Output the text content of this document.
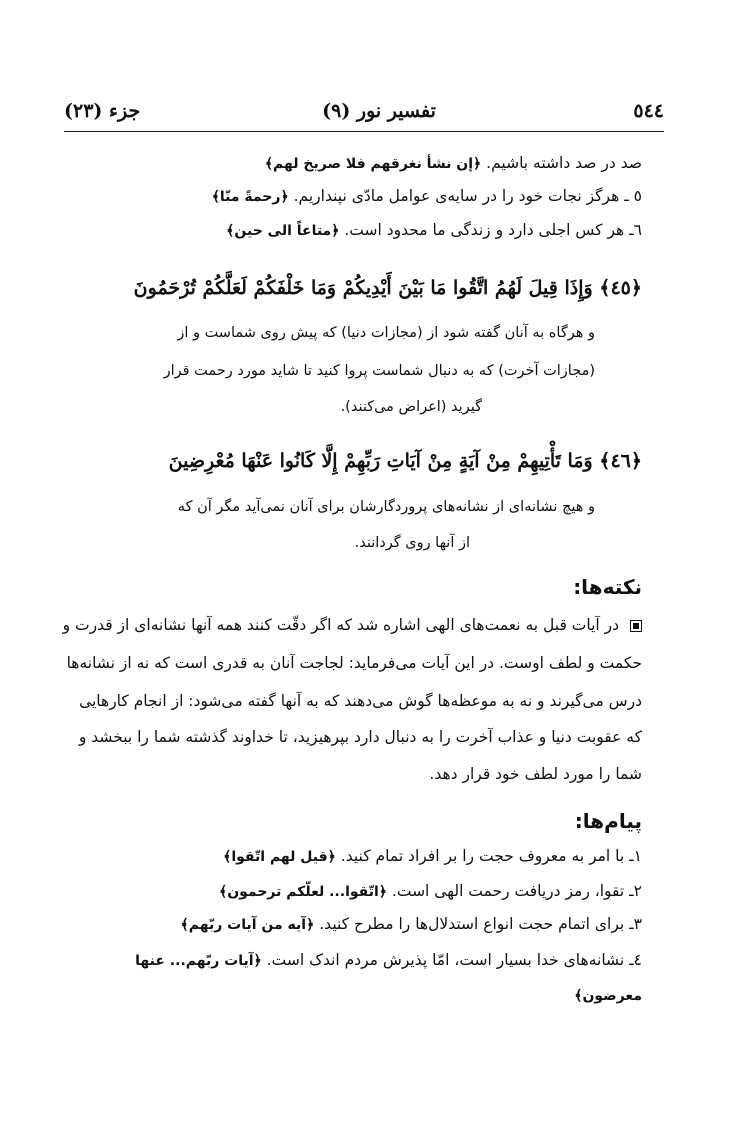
٥٤٤
تفسیر نور (٩)
جزء (٢٣)
صد در صد داشته باشیم. ﴿إن نشأ نغرقهم فلا صريخ لهم﴾
٥ ـ هرگز نجات خود را در سایه‌ی عوامل مادّی نپنداریم. ﴿رحمةً منّا﴾
٦ـ هر کس اجلی دارد و زندگی ما محدود است. ﴿متاعاً الی حین﴾
﴿٤٥﴾ وَإِذَا قِيلَ لَهُمُ اتَّقُوا مَا بَيْنَ أَيْدِيكُمْ وَمَا خَلْفَكُمْ لَعَلَّكُمْ تُرْحَمُونَ
و هرگاه به آنان گفته شود از (مجازات دنیا) که پیش روی شماست و از
(مجازات آخرت) که به دنبال شماست پروا کنید تا شاید مورد رحمت قرار
گیرید (اعراض می‌کنند).
﴿٤٦﴾ وَمَا تَأْتِيهِمْ مِنْ آيَةٍ مِنْ آيَاتِ رَبِّهِمْ إِلَّا كَانُوا عَنْهَا مُعْرِضِينَ
و هیچ نشانه‌ای از نشانه‌های پروردگارشان برای آنان نمی‌آید مگر آن که
از آنها روی گردانند.
نکته‌ها:
در آیات قبل به نعمت‌های الهی اشاره شد که اگر دقّت کنند همه آنها نشانه‌ای از قدرت و
حکمت و لطف اوست. در این آیات می‌فرماید: لجاجت آنان به قدری است که نه از نشانه‌ها
درس می‌گیرند و نه به موعظه‌ها گوش می‌دهند که به آنها گفته می‌شود: از انجام کارهایی
که عقوبت دنیا و عذاب آخرت را به دنبال دارد بپرهیزید، تا خداوند گذشته شما را ببخشد و
شما را مورد لطف خود قرار دهد.
پیام‌ها:
١ـ با امر به معروف حجت را بر افراد تمام کنید. ﴿قیل لهم اتّقوا﴾
٢ـ تقوا، رمز دریافت رحمت الهی است. ﴿اتّقوا... لعلّکم ترحمون﴾
٣ـ برای اتمام حجت انواع استدلال‌ها را مطرح کنید. ﴿آیه من آیات ربّهم﴾
٤ـ نشانه‌های خدا بسیار است، امّا پذیرش مردم اندک است. ﴿آیات ربّهم... عنها
معرضون﴾
